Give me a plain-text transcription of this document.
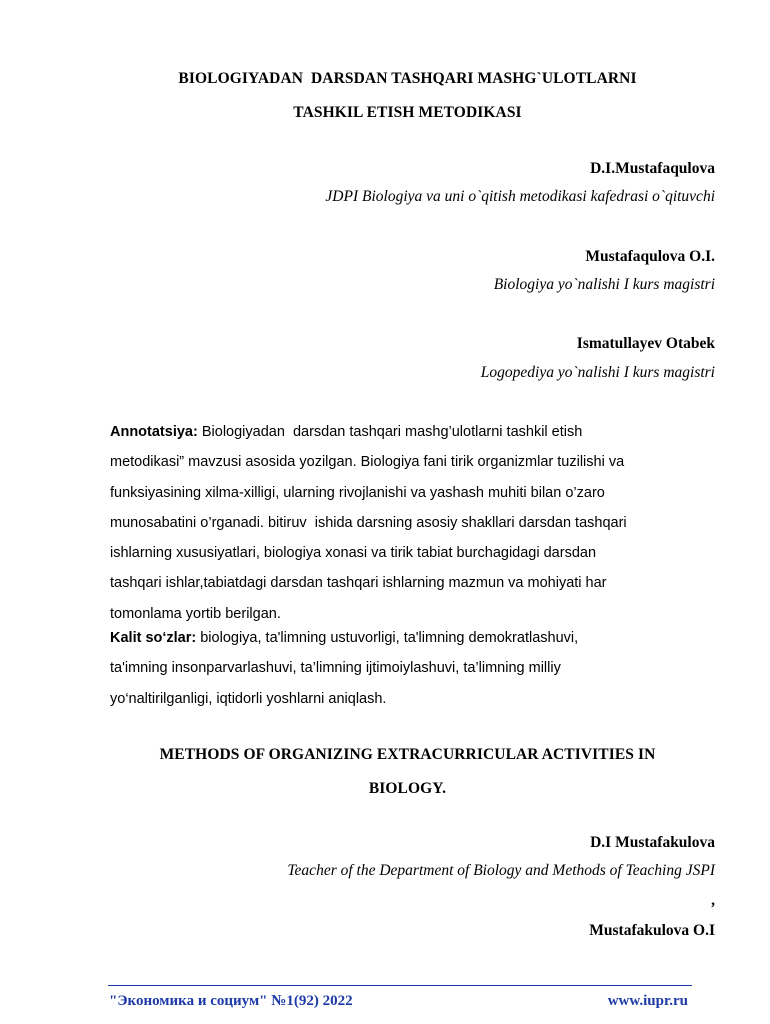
BIOLOGIYADAN  DARSDAN TASHQARI MASHG`ULOTLARNI
TASHKIL ETISH METODIKASI
D.I.Mustafaqulova
JDPI Biologiya va uni o`qitish metodikasi kafedrasi o`qituvchi
Mustafaqulova O.I.
Biologiya yo`nalishi I kurs magistri
Ismatullayev Otabek
Logopediya yo`nalishi I kurs magistri
Annotatsiya: Biologiyadan  darsdan tashqari mashg’ulotlarni tashkil etish
metodikasi” mavzusi asosida yozilgan. Biologiya fani tirik organizmlar tuzilishi va
funksiyasining xilma-xilligi, ularning rivojlanishi va yashash muhiti bilan o’zaro
munosabatini o’rganadi. bitiruv  ishida darsning asosiy shakllari darsdan tashqari
ishlarning xususiyatlari, biologiya xonasi va tirik tabiat burchagidagi darsdan
tashqari ishlar,tabiatdagi darsdan tashqari ishlarning mazmun va mohiyati har
tomonlama yortib berilgan.
Kalit so‘zlar: biologiya, ta'limning ustuvorligi, ta'limning demokratlashuvi,
ta'imning insonparvarlashuvi, ta’limning ijtimoiylashuvi, ta’limning milliy
yo‘naltirilganligi, iqtidorli yoshlarni aniqlash.
METHODS OF ORGANIZING EXTRACURRICULAR ACTIVITIES IN
BIOLOGY.
D.I Mustafakulova
Teacher of the Department of Biology and Methods of Teaching JSPI
,
Mustafakulova O.I
"Экономика и социум" №1(92) 2022	www.iupr.ru
